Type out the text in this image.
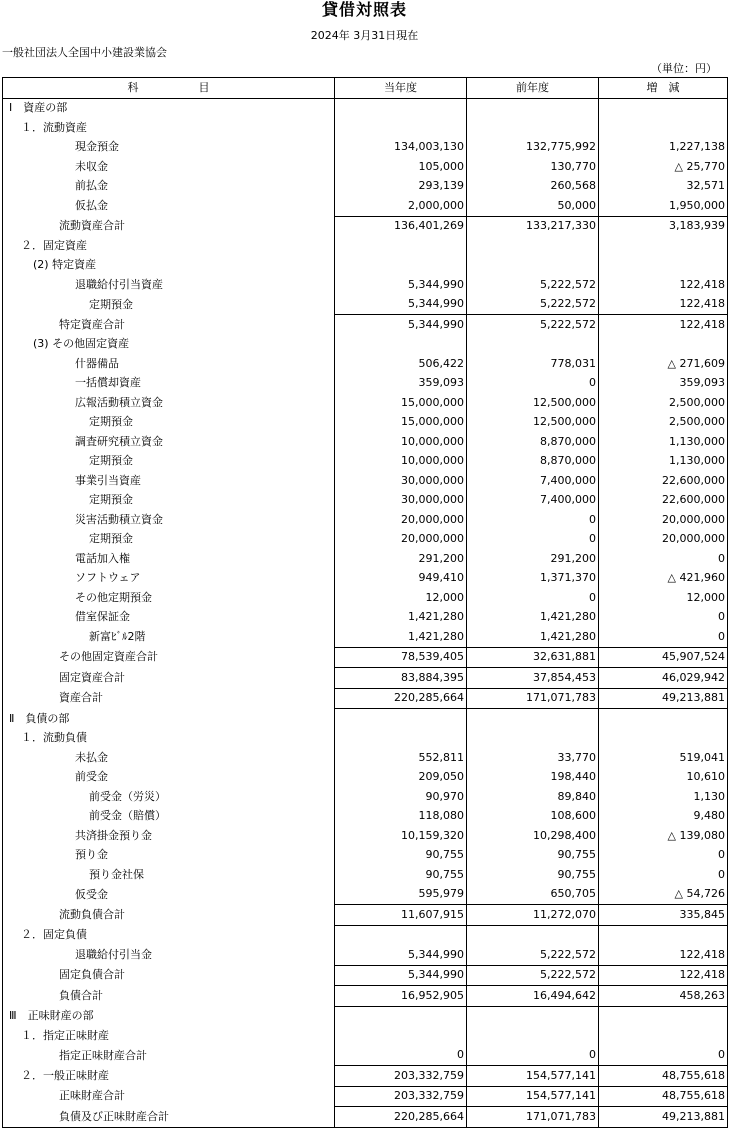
貸借対照表
2024年 3月31日現在
一般社団法人全国中小建設業協会
（単位：円）
科 目	当年度	前年度	増　減
Ⅰ　資産の部			
１．流動資産			
現金預金	134,003,130	132,775,992	1,227,138
未収金	105,000	130,770	△ 25,770
前払金	293,139	260,568	32,571
仮払金	2,000,000	50,000	1,950,000
流動資産合計	136,401,269	133,217,330	3,183,939
２．固定資産			
(2) 特定資産			
退職給付引当資産	5,344,990	5,222,572	122,418
定期預金	5,344,990	5,222,572	122,418
特定資産合計	5,344,990	5,222,572	122,418
(3) その他固定資産			
什器備品	506,422	778,031	△ 271,609
一括償却資産	359,093	0	359,093
広報活動積立資金	15,000,000	12,500,000	2,500,000
定期預金	15,000,000	12,500,000	2,500,000
調査研究積立資金	10,000,000	8,870,000	1,130,000
定期預金	10,000,000	8,870,000	1,130,000
事業引当資産	30,000,000	7,400,000	22,600,000
定期預金	30,000,000	7,400,000	22,600,000
災害活動積立資金	20,000,000	0	20,000,000
定期預金	20,000,000	0	20,000,000
電話加入権	291,200	291,200	0
ソフトウェア	949,410	1,371,370	△ 421,960
その他定期預金	12,000	0	12,000
借室保証金	1,421,280	1,421,280	0
新富ﾋﾞﾙ2階	1,421,280	1,421,280	0
その他固定資産合計	78,539,405	32,631,881	45,907,524
固定資産合計	83,884,395	37,854,453	46,029,942
資産合計	220,285,664	171,071,783	49,213,881
Ⅱ　負債の部			
１．流動負債			
未払金	552,811	33,770	519,041
前受金	209,050	198,440	10,610
前受金（労災）	90,970	89,840	1,130
前受金（賠償）	118,080	108,600	9,480
共済掛金預り金	10,159,320	10,298,400	△ 139,080
預り金	90,755	90,755	0
預り金社保	90,755	90,755	0
仮受金	595,979	650,705	△ 54,726
流動負債合計	11,607,915	11,272,070	335,845
２．固定負債			
退職給付引当金	5,344,990	5,222,572	122,418
固定負債合計	5,344,990	5,222,572	122,418
負債合計	16,952,905	16,494,642	458,263
Ⅲ　正味財産の部			
１．指定正味財産			
指定正味財産合計	0	0	0
２．一般正味財産	203,332,759	154,577,141	48,755,618
正味財産合計	203,332,759	154,577,141	48,755,618
負債及び正味財産合計	220,285,664	171,071,783	49,213,881
